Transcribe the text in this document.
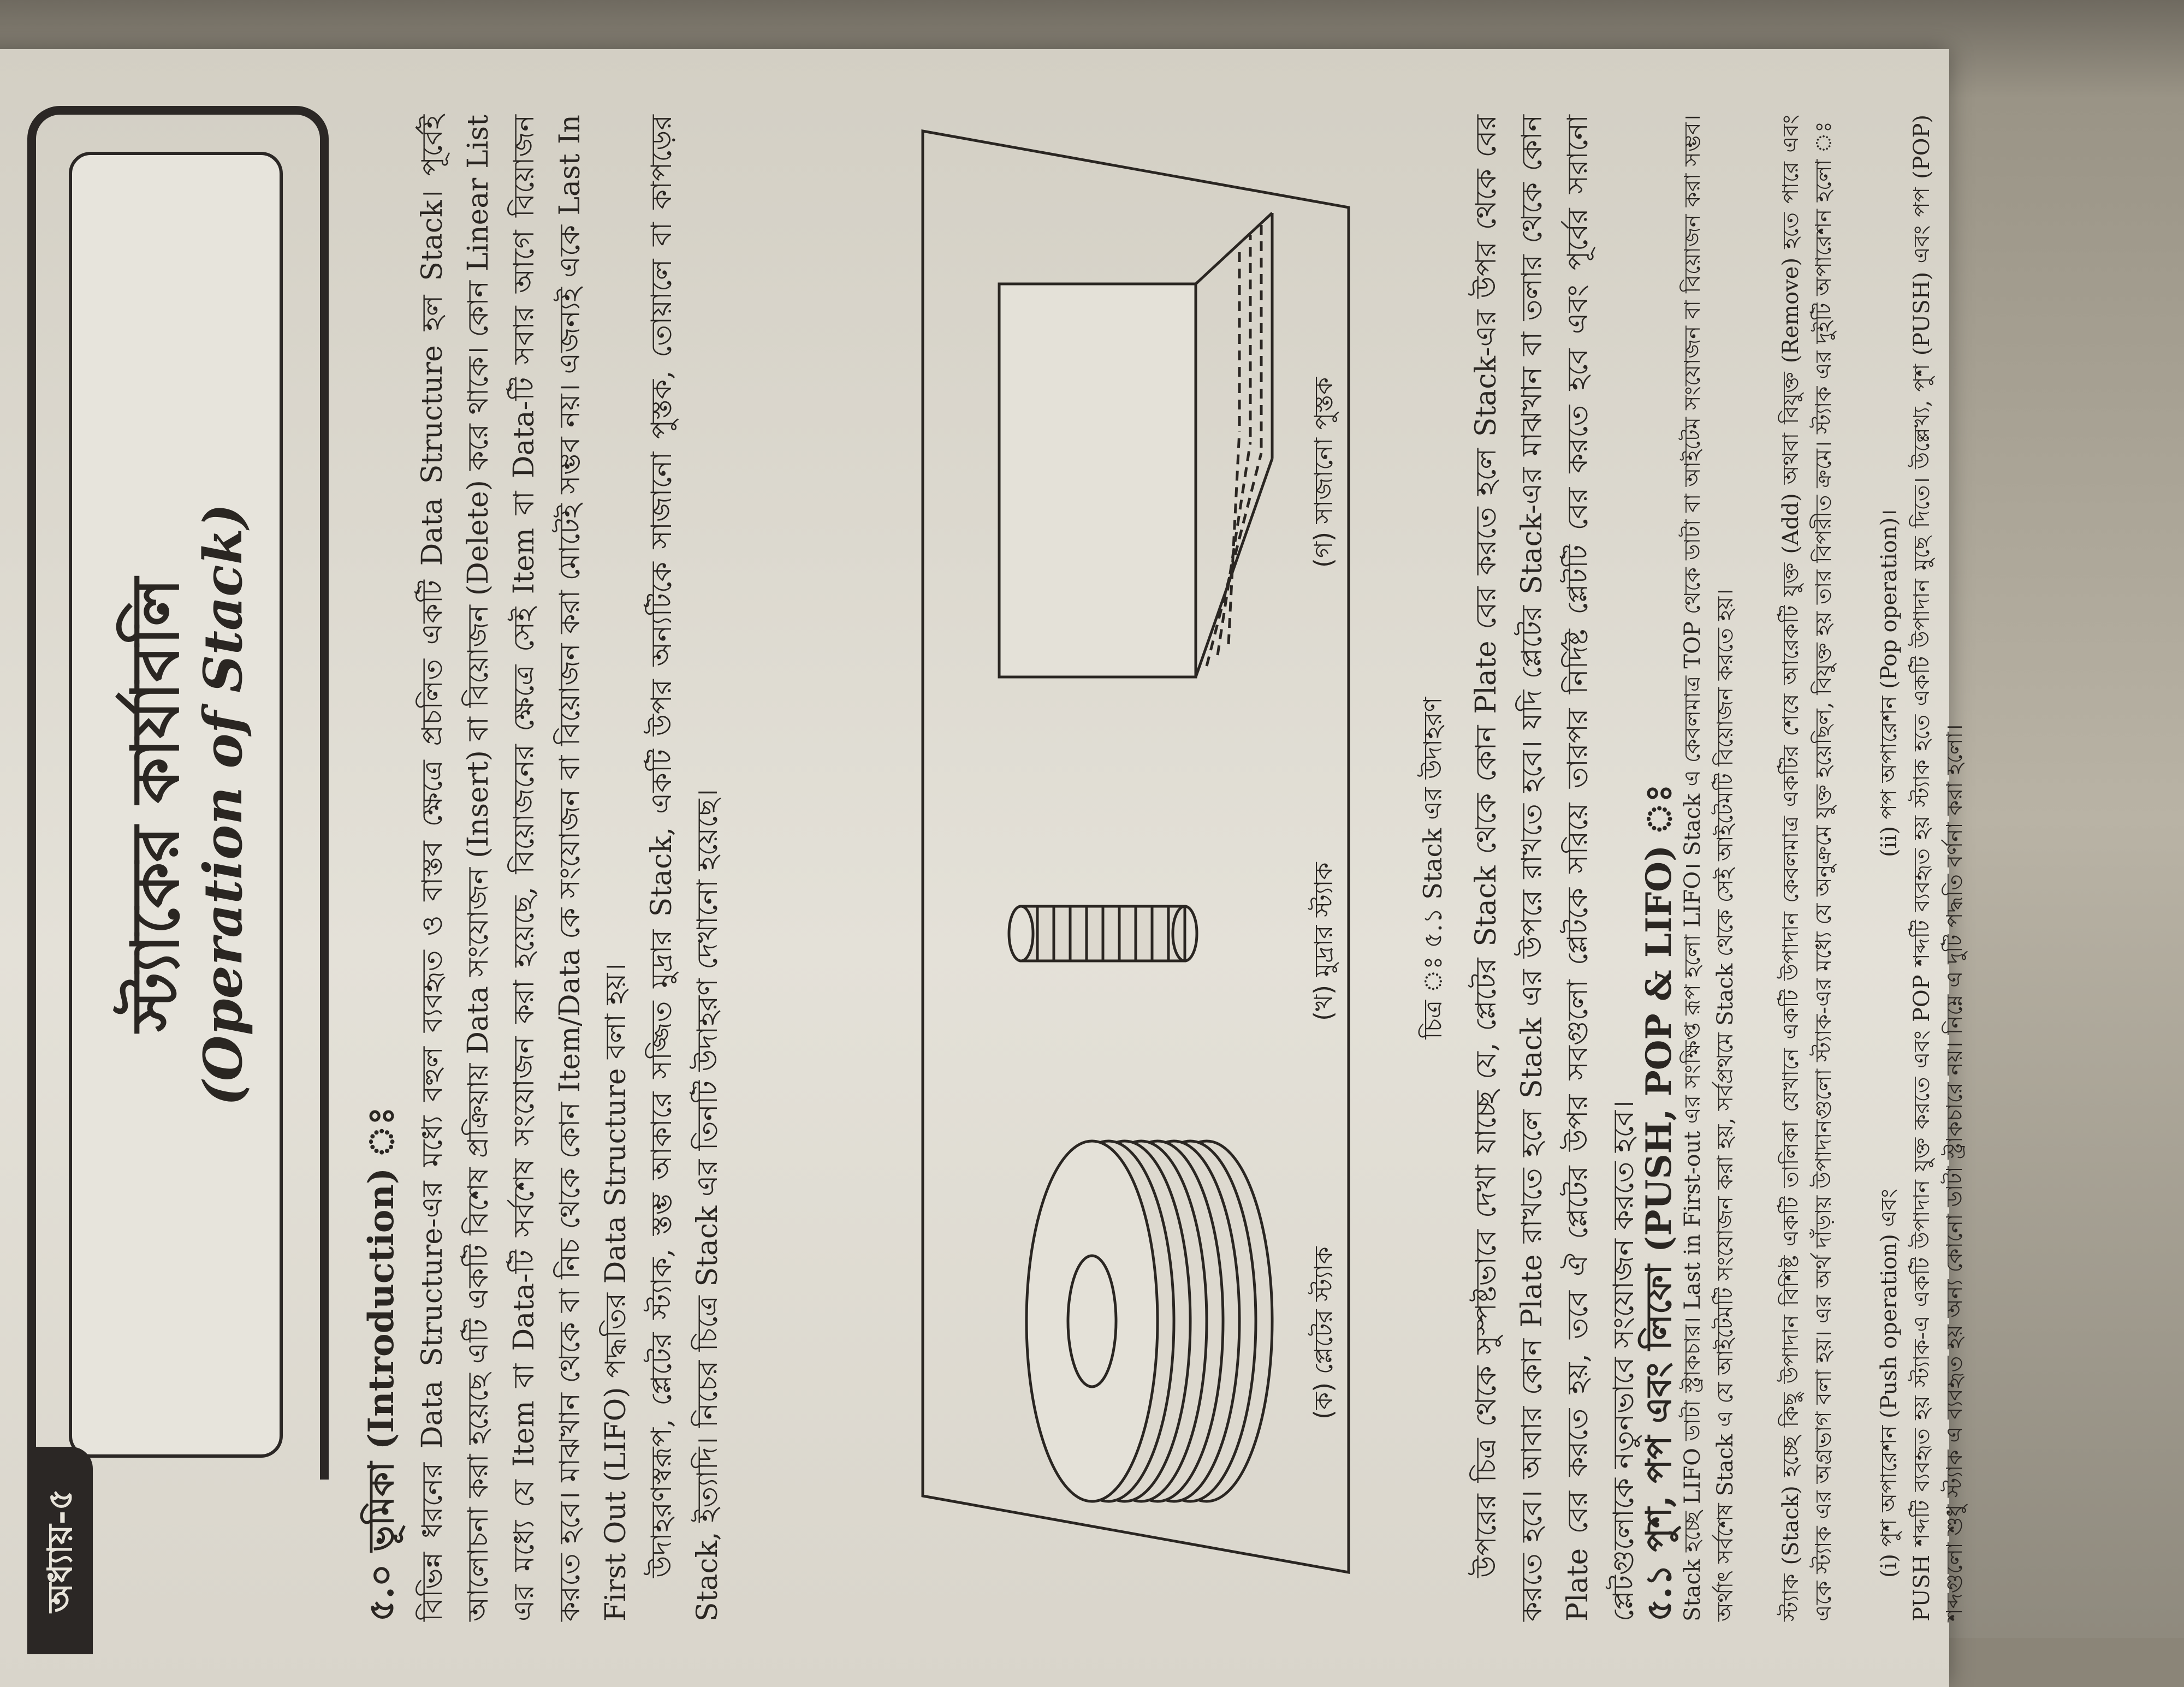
স্ট্যাকের কার্যাবলি
(Operation of Stack)
অধ্যায়-৫	৫.০ ভূমিকা (Introduction) ঃ বিভিন্ন ধরনের Data Structure-এর মধ্যে বহুল ব্যবহৃত ও বাস্তব ক্ষেত্রে প্রচলিত একটি Data Structure হল Stack। পূর্বেই আলোচনা করা হয়েছে এটি একটি বিশেষ প্রক্রিয়ায় Data সংযোজন (Insert) বা বিয়োজন (Delete) করে থাকে। কোন Linear List এর মধ্যে যে Item বা Data-টি সর্বশেষ সংযোজন করা হয়েছে, বিয়োজনের ক্ষেত্রে সেই Item বা Data-টি সবার আগে বিয়োজন করতে হবে। মাঝখান থেকে বা নিচ থেকে কোন Item/Data কে সংযোজন বা বিয়োজন করা মোটেই সম্ভব নয়। এজন্যই একে Last In First Out (LIFO) পদ্ধতির Data Structure বলা হয়। উদাহরণস্বরূপ, প্লেটের স্ট্যাক, স্তম্ভ আকারে সজ্জিত মুদ্রার Stack, একটি উপর অন্যটিকে সাজানো পুস্তক, তোয়ালে বা কাপড়ের Stack, ইত্যাদি। নিচের চিত্রে Stack এর তিনটি উদাহরণ দেখানো হয়েছে।	(ক) প্লেটের স্ট্যাক
(খ) মুদ্রার স্ট্যাক
(গ) সাজানো পুস্তক
চিত্র ঃ ৫.১ Stack এর উদাহরণ উপরের চিত্র থেকে সুস্পষ্টভাবে দেখা যাচ্ছে যে, প্লেটের Stack থেকে কোন Plate বের করতে হলে Stack-এর উপর থেকে বের করতে হবে। আবার কোন Plate রাখতে হলে Stack এর উপরে রাখতে হবে। যদি প্লেটের Stack-এর মাঝখান বা তলার থেকে কোন Plate বের করতে হয়, তবে ঐ প্লেটের উপর সবগুলো প্লেটকে সরিয়ে তারপর নির্দিষ্ট প্লেটটি বের করতে হবে এবং পূর্বের সরানো প্লেটগুলোকে নতুনভাবে সংযোজন করতে হবে।
৫.১ পুশ, পপ এবং লিফো (PUSH, POP & LIFO) ঃ Stack হচ্ছে LIFO ডাটা স্ট্রাকচার। Last in First-out এর সংক্ষিপ্ত রূপ হলো LIFO। Stack এ কেবলমাত্র TOP থেকে ডাটা বা আইটেম সংযোজন বা বিয়োজন করা সম্ভব। অর্থাৎ সর্বশেষ Stack এ যে আইটেমটি সংযোজন করা হয়, সর্বপ্রথমে Stack থেকে সেই আইটেমটি বিয়োজন করতে হয়। স্ট্যাক (Stack) হচ্ছে কিছু উপাদান বিশিষ্ট একটি তালিকা যেখানে একটি উপাদান কেবলমাত্র একটির শেষে আরেকটি যুক্ত (Add) অথবা বিযুক্ত (Remove) হতে পারে এবং একে স্ট্যাক এর অগ্রভাগ বলা হয়। এর অর্থ দাঁড়ায় উপাদানগুলো স্ট্যাক-এর মধ্যে যে অনুক্রমে যুক্ত হয়েছিল, বিযুক্ত হয় তার বিপরীত ক্রমে। স্ট্যাক এর দুইটি অপারেশন হলো ঃ (i) পুশ অপারেশন (Push operation) এবং
(ii) পপ অপারেশন (Pop operation)। PUSH শব্দটি ব্যবহৃত হয় স্ট্যাক-এ একটি উপাদান যুক্ত করতে এবং POP শব্দটি ব্যবহৃত হয় স্ট্যাক হতে একটি উপাদান মুছে দিতে। উল্লেখ্য, পুশ (PUSH) এবং পপ (POP) শব্দগুলো শুধু স্ট্যাক এ ব্যবহৃত হয় অন্য কোনো ডাটা স্ট্রাকচারে নয়। নিম্নে এ দুটি পদ্ধতি বর্ণনা করা হলো।
